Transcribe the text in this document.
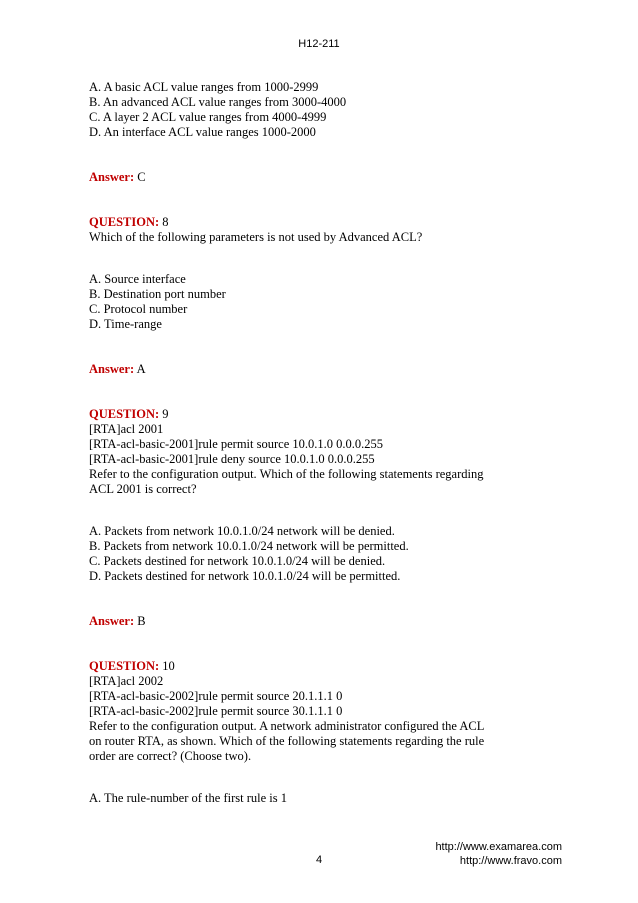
H12-211
A. A basic ACL value ranges from 1000-2999
B. An advanced ACL value ranges from 3000-4000
C. A layer 2 ACL value ranges from 4000-4999
D. An interface ACL value ranges 1000-2000
Answer: C
QUESTION: 8
Which of the following parameters is not used by Advanced ACL?
A. Source interface
B. Destination port number
C. Protocol number
D. Time-range
Answer: A
QUESTION: 9
[RTA]acl 2001
[RTA-acl-basic-2001]rule permit source 10.0.1.0 0.0.0.255
[RTA-acl-basic-2001]rule deny source 10.0.1.0 0.0.0.255
Refer to the configuration output. Which of the following statements regarding
ACL 2001 is correct?
A. Packets from network 10.0.1.0/24 network will be denied.
B. Packets from network 10.0.1.0/24 network will be permitted.
C. Packets destined for network 10.0.1.0/24 will be denied.
D. Packets destined for network 10.0.1.0/24 will be permitted.
Answer: B
QUESTION: 10
[RTA]acl 2002
[RTA-acl-basic-2002]rule permit source 20.1.1.1 0
[RTA-acl-basic-2002]rule permit source 30.1.1.1 0
Refer to the configuration output. A network administrator configured the ACL
on router RTA, as shown. Which of the following statements regarding the rule
order are correct? (Choose two).
A. The rule-number of the first rule is 1
http://www.examarea.com
http://www.fravo.com
4
